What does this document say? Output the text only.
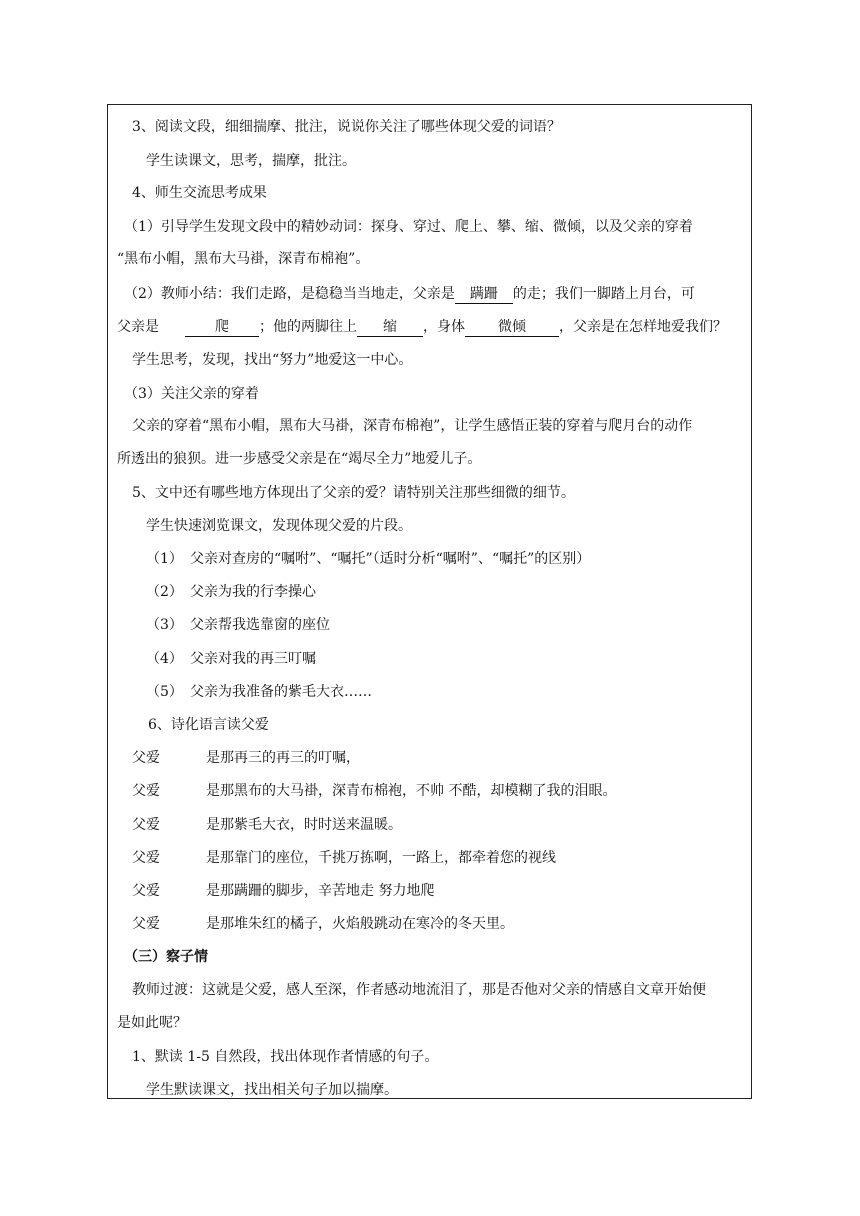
3、阅读文段，细细揣摩、批注，说说你关注了哪些体现父爱的词语？
学生读课文，思考，揣摩，批注。
4、师生交流思考成果
（1）引导学生发现文段中的精妙动词：探身、穿过、爬上、攀、缩、微倾，以及父亲的穿着
“黑布小帽，黑布大马褂，深青布棉袍”。
（2）教师小结：我们走路，是稳稳当当地走，父亲是 蹒跚 的走；我们一脚踏上月台，可
父亲是	爬 ；他的两脚往上 缩 ，身体 微倾 ，父亲是在怎样地爱我们？
学生思考，发现，找出“努力”地爱这一中心。
（3）关注父亲的穿着
父亲的穿着“黑布小帽，黑布大马褂，深青布棉袍”，让学生感悟正装的穿着与爬月台的动作
所透出的狼狈。进一步感受父亲是在“竭尽全力”地爱儿子。
5、文中还有哪些地方体现出了父亲的爱？请特别关注那些细微的细节。
学生快速浏览课文，发现体现父爱的片段。
（1） 父亲对查房的“嘱咐”、“嘱托”（适时分析“嘱咐”、“嘱托”的区别）
（2） 父亲为我的行李操心
（3） 父亲帮我选靠窗的座位
（4） 父亲对我的再三叮嘱
（5） 父亲为我准备的紫毛大衣……
6、诗化语言读父爱
父爱	是那再三的再三的叮嘱，
父爱	是那黑布的大马褂，深青布棉袍，不帅 不酷，却模糊了我的泪眼。
父爱	是那紫毛大衣，时时送来温暖。
父爱	是那靠门的座位，千挑万拣啊，一路上，都牵着您的视线
父爱	是那蹒跚的脚步，辛苦地走 努力地爬
父爱	是那堆朱红的橘子，火焰般跳动在寒冷的冬天里。
（三）察子情
教师过渡：这就是父爱，感人至深，作者感动地流泪了，那是否他对父亲的情感自文章开始便
是如此呢？
1、默读 1-5 自然段，找出体现作者情感的句子。
学生默读课文，找出相关句子加以揣摩。
